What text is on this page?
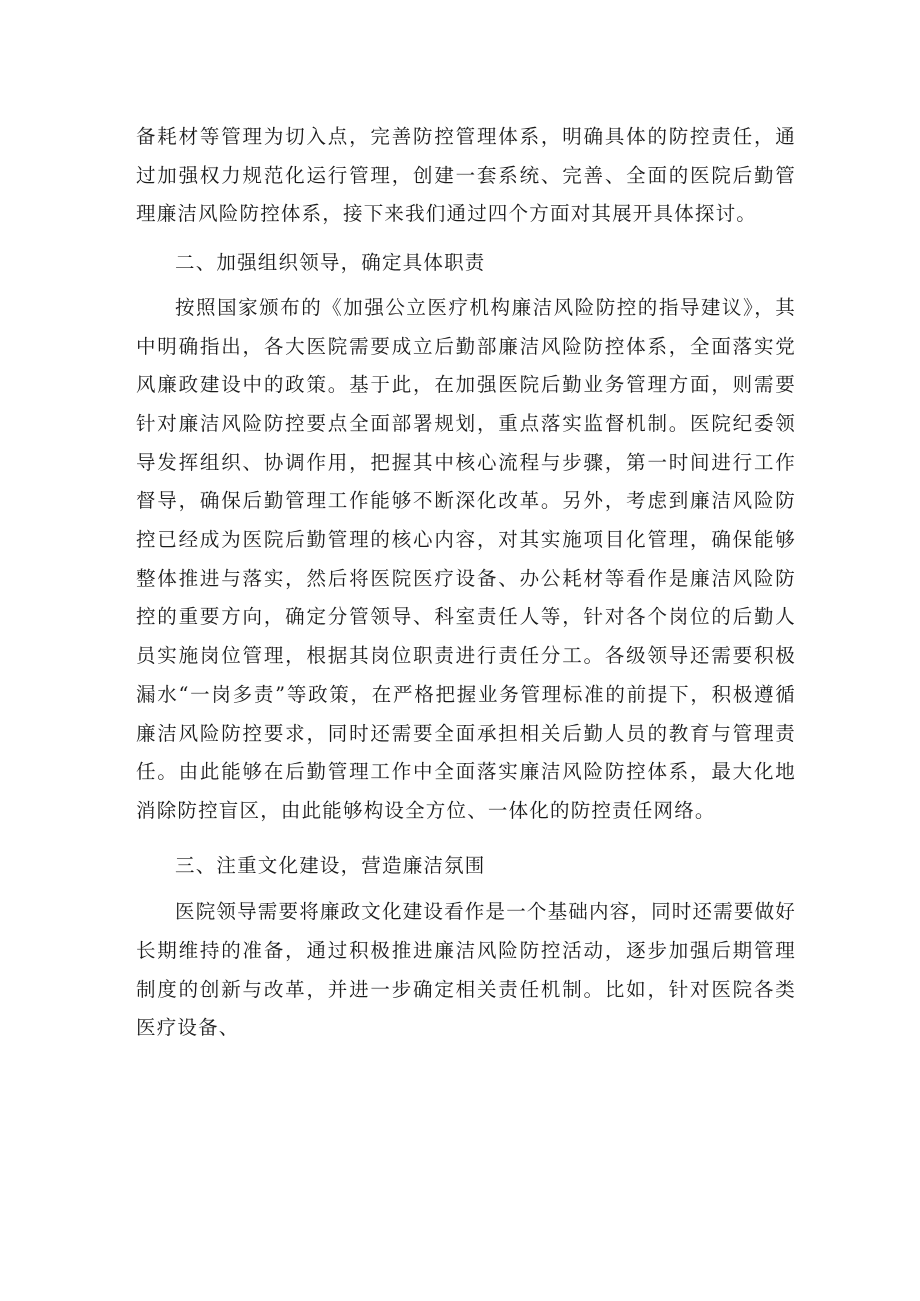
备耗材等管理为切入点，完善防控管理体系，明确具体的防控责任，通过加强权力规范化运行管理，创建一套系统、完善、全面的医院后勤管理廉洁风险防控体系，接下来我们通过四个方面对其展开具体探讨。

二、加强组织领导，确定具体职责

按照国家颁布的《加强公立医疗机构廉洁风险防控的指导建议》，其中明确指出，各大医院需要成立后勤部廉洁风险防控体系，全面落实党风廉政建设中的政策。基于此，在加强医院后勤业务管理方面，则需要针对廉洁风险防控要点全面部署规划，重点落实监督机制。医院纪委领导发挥组织、协调作用，把握其中核心流程与步骤，第一时间进行工作督导，确保后勤管理工作能够不断深化改革。另外，考虑到廉洁风险防控已经成为医院后勤管理的核心内容，对其实施项目化管理，确保能够整体推进与落实，然后将医院医疗设备、办公耗材等看作是廉洁风险防控的重要方向，确定分管领导、科室责任人等，针对各个岗位的后勤人员实施岗位管理，根据其岗位职责进行责任分工。各级领导还需要积极漏水“一岗多责”等政策，在严格把握业务管理标准的前提下，积极遵循廉洁风险防控要求，同时还需要全面承担相关后勤人员的教育与管理责任。由此能够在后勤管理工作中全面落实廉洁风险防控体系，最大化地消除防控盲区，由此能够构设全方位、一体化的防控责任网络。

三、注重文化建设，营造廉洁氛围

医院领导需要将廉政文化建设看作是一个基础内容，同时还需要做好长期维持的准备，通过积极推进廉洁风险防控活动，逐步加强后期管理制度的创新与改革，并进一步确定相关责任机制。比如，针对医院各类医疗设备、
